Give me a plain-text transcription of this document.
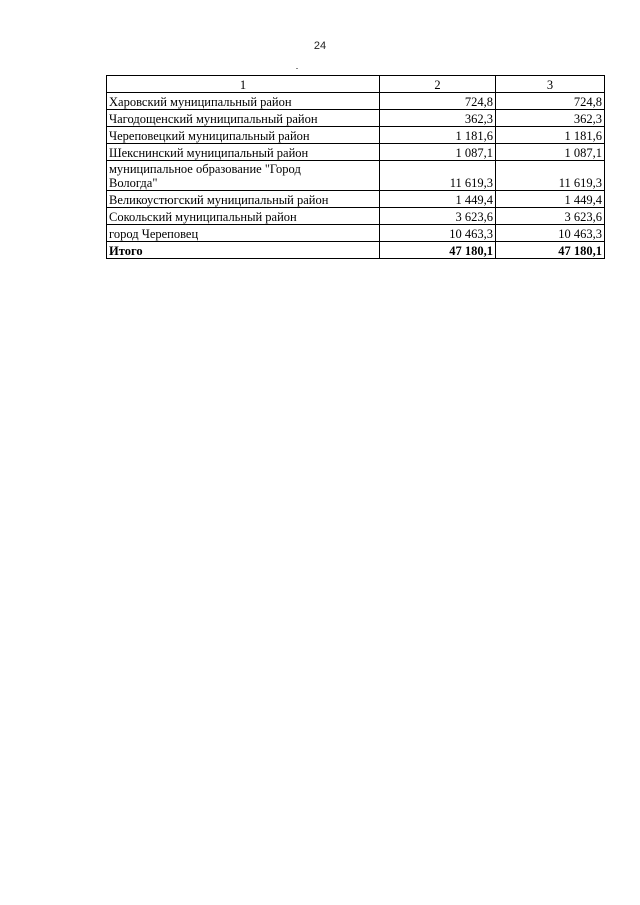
24
1	2	3
Харовский муниципальный район	724,8	724,8
Чагодощенский муниципальный район	362,3	362,3
Череповецкий муниципальный район	1 181,6	1 181,6
Шекснинский муниципальный район	1 087,1	1 087,1
муниципальное образование "Город
Вологда"	11 619,3	11 619,3
Великоустюгский муниципальный район	1 449,4	1 449,4
Сокольский муниципальный район	3 623,6	3 623,6
город Череповец	10 463,3	10 463,3
Итого	47 180,1	47 180,1
